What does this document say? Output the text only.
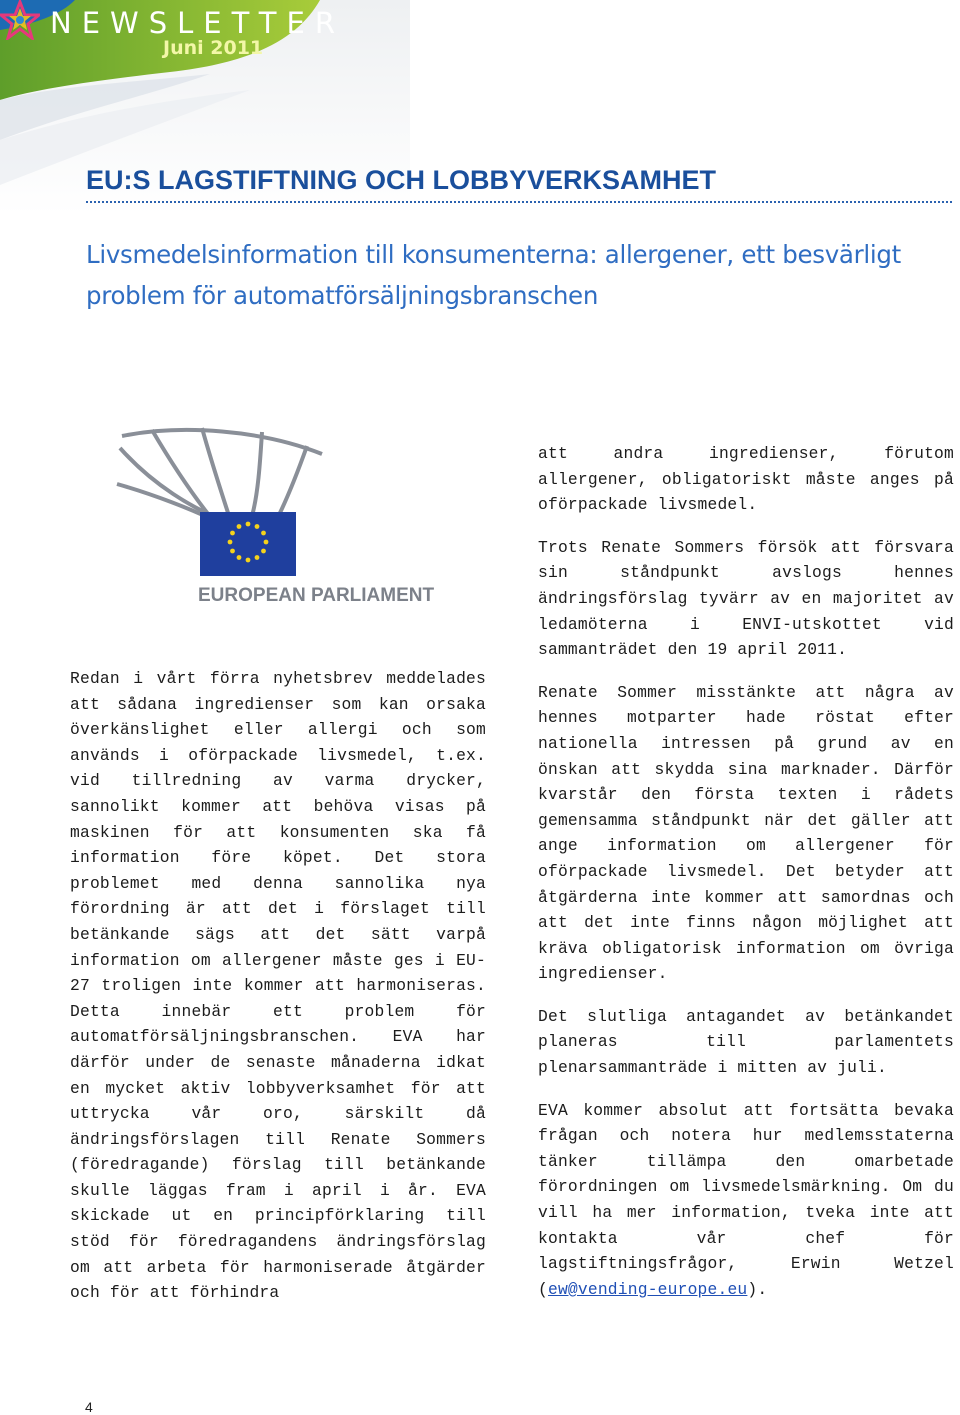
NEWSLETTER
Juni 2011
EU:S LAGSTIFTNING OCH LOBBYVERKSAMHET
Livsmedelsinformation till konsumenterna: allergener, ett besvärligt problem för automatförsäljningsbranschen
EUROPEAN PARLIAMENT

Redan i vårt förra nyhetsbrev meddelades att sådana ingredienser som kan orsaka överkänslighet eller allergi och som används i oförpackade livsmedel, t.ex. vid tillredning av varma drycker, sannolikt kommer att behöva visas på maskinen för att konsumenten ska få information före köpet. Det stora problemet med denna sannolika nya förordning är att det i förslaget till betänkande sägs att det sätt varpå information om allergener måste ges i EU-27 troligen inte kommer att harmoniseras. Detta innebär ett problem för automatförsäljningsbranschen. EVA har därför under de senaste månaderna idkat en mycket aktiv lobbyverksamhet för att uttrycka vår oro, särskilt då ändringsförslagen till Renate Sommers (föredragande) förslag till betänkande skulle läggas fram i april i år. EVA skickade ut en principförklaring till stöd för föredragandens ändringsförslag om att arbeta för harmoniserade åtgärder och för att förhindra

att andra ingredienser, förutom allergener, obligatoriskt måste anges på oförpackade livsmedel.

Trots Renate Sommers försök att försvara sin ståndpunkt avslogs hennes ändringsförslag tyvärr av en majoritet av ledamöterna i ENVI-utskottet vid sammanträdet den 19 april 2011.

Renate Sommer misstänkte att några av hennes motparter hade röstat efter nationella intressen på grund av en önskan att skydda sina marknader. Därför kvarstår den första texten i rådets gemensamma ståndpunkt när det gäller att ange information om allergener för oförpackade livsmedel. Det betyder att åtgärderna inte kommer att samordnas och att det inte finns någon möjlighet att kräva obligatorisk information om övriga ingredienser.

Det slutliga antagandet av betänkandet planeras till parlamentets plenarsammanträde i mitten av juli.

EVA kommer absolut att fortsätta bevaka frågan och notera hur medlemsstaterna tänker tillämpa den omarbetade förordningen om livsmedelsmärkning. Om du vill ha mer information, tveka inte att kontakta vår chef för lagstiftningsfrågor, Erwin Wetzel (ew@vending-europe.eu).

4
